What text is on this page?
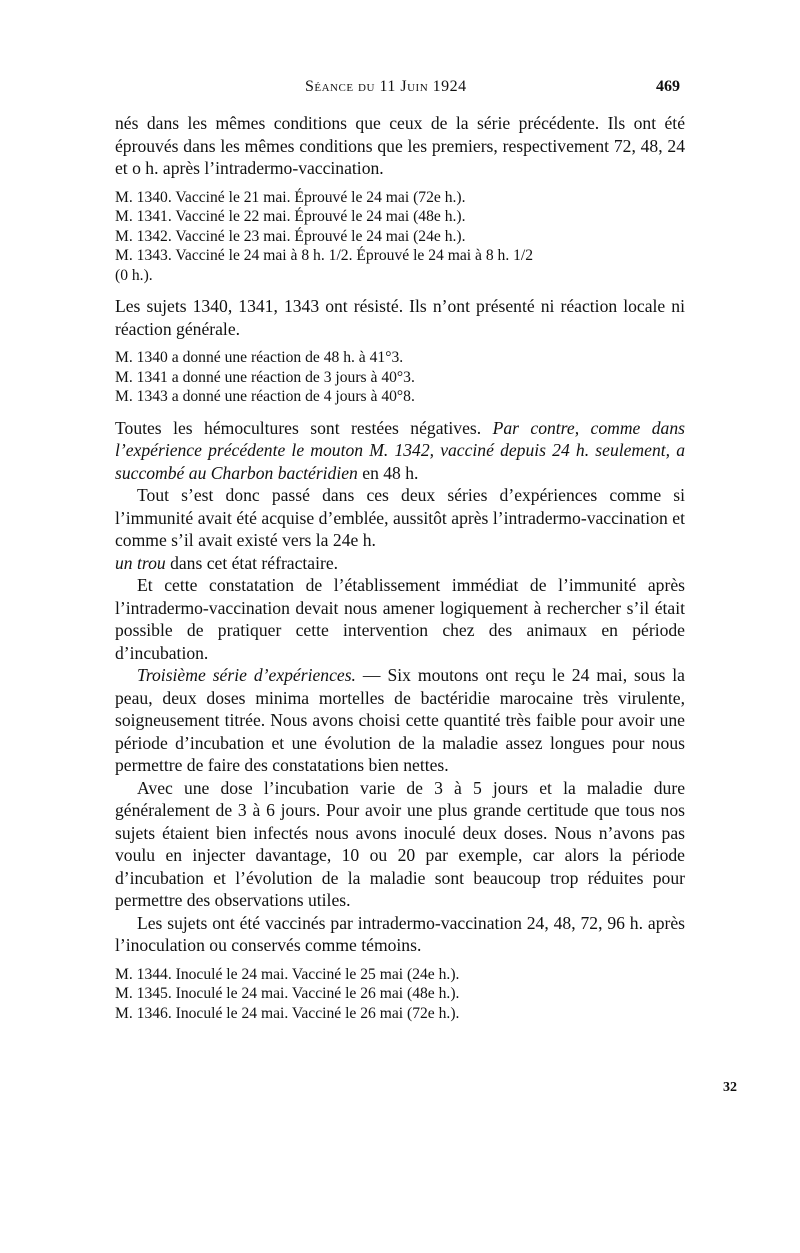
Séance du 11 Juin 1924	469

nés dans les mêmes conditions que ceux de la série précédente. Ils ont été éprouvés dans les mêmes conditions que les premiers, respectivement 72, 48, 24 et o h. après l’intradermo-vaccination.

M. 1340. Vacciné le 21 mai. Éprouvé le 24 mai (72e h.).
M. 1341. Vacciné le 22 mai. Éprouvé le 24 mai (48e h.).
M. 1342. Vacciné le 23 mai. Éprouvé le 24 mai (24e h.).
M. 1343. Vacciné le 24 mai à 8 h. 1/2. Éprouvé le 24 mai à 8 h. 1/2
(0 h.).

Les sujets 1340, 1341, 1343 ont résisté. Ils n’ont présenté ni réaction locale ni réaction générale.

M. 1340 a donné une réaction de 48 h. à 41°3.
M. 1341 a donné une réaction de 3 jours à 40°3.
M. 1343 a donné une réaction de 4 jours à 40°8.

Toutes les hémocultures sont restées négatives. Par contre, comme dans l’expérience précédente le mouton M. 1342, vacciné depuis 24 h. seulement, a succombé au Charbon bactéridien en 48 h.

Tout s’est donc passé dans ces deux séries d’expériences comme si l’immunité avait été acquise d’emblée, aussitôt après l’intradermo-vaccination et comme s’il avait existé vers la 24e h.
un trou dans cet état réfractaire.

Et cette constatation de l’établissement immédiat de l’immunité après l’intradermo-vaccination devait nous amener logiquement à rechercher s’il était possible de pratiquer cette intervention chez des animaux en période d’incubation.

Troisième série d’expériences. — Six moutons ont reçu le 24 mai, sous la peau, deux doses minima mortelles de bactéridie marocaine très virulente, soigneusement titrée. Nous avons choisi cette quantité très faible pour avoir une période d’incubation et une évolution de la maladie assez longues pour nous permettre de faire des constatations bien nettes.

Avec une dose l’incubation varie de 3 à 5 jours et la maladie dure généralement de 3 à 6 jours. Pour avoir une plus grande certitude que tous nos sujets étaient bien infectés nous avons inoculé deux doses. Nous n’avons pas voulu en injecter davantage, 10 ou 20 par exemple, car alors la période d’incubation et l’évolution de la maladie sont beaucoup trop réduites pour permettre des observations utiles.

Les sujets ont été vaccinés par intradermo-vaccination 24, 48, 72, 96 h. après l’inoculation ou conservés comme témoins.

M. 1344. Inoculé le 24 mai. Vacciné le 25 mai (24e h.).
M. 1345. Inoculé le 24 mai. Vacciné le 26 mai (48e h.).
M. 1346. Inoculé le 24 mai. Vacciné le 26 mai (72e h.).
32
